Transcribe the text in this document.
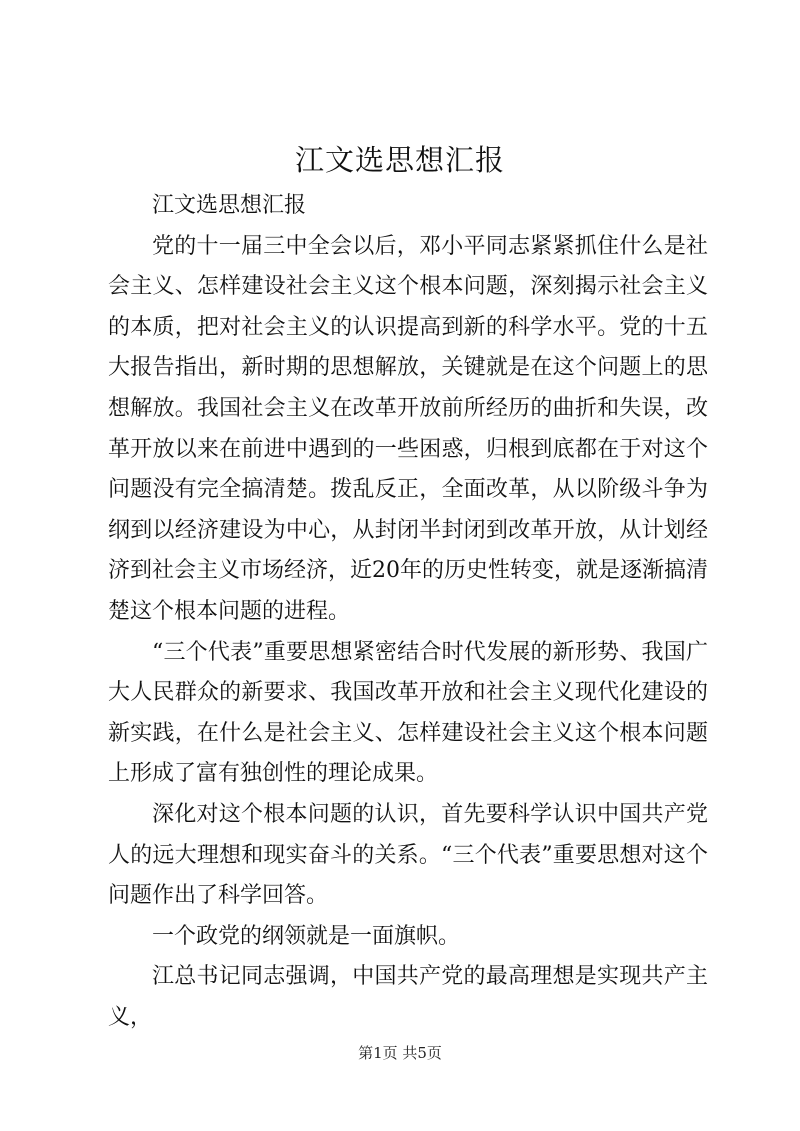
江文选思想汇报

江文选思想汇报

党的十一届三中全会以后，邓小平同志紧紧抓住什么是社会主义、怎样建设社会主义这个根本问题，深刻揭示社会主义的本质，把对社会主义的认识提高到新的科学水平。党的十五大报告指出，新时期的思想解放，关键就是在这个问题上的思想解放。我国社会主义在改革开放前所经历的曲折和失误，改革开放以来在前进中遇到的一些困惑，归根到底都在于对这个问题没有完全搞清楚。拨乱反正，全面改革，从以阶级斗争为纲到以经济建设为中心，从封闭半封闭到改革开放，从计划经济到社会主义市场经济，近20年的历史性转变，就是逐渐搞清楚这个根本问题的进程。

“三个代表”重要思想紧密结合时代发展的新形势、我国广大人民群众的新要求、我国改革开放和社会主义现代化建设的新实践，在什么是社会主义、怎样建设社会主义这个根本问题上形成了富有独创性的理论成果。

深化对这个根本问题的认识，首先要科学认识中国共产党人的远大理想和现实奋斗的关系。“三个代表”重要思想对这个问题作出了科学回答。

一个政党的纲领就是一面旗帜。

江总书记同志强调，中国共产党的最高理想是实现共产主义，

第1页 共5页
